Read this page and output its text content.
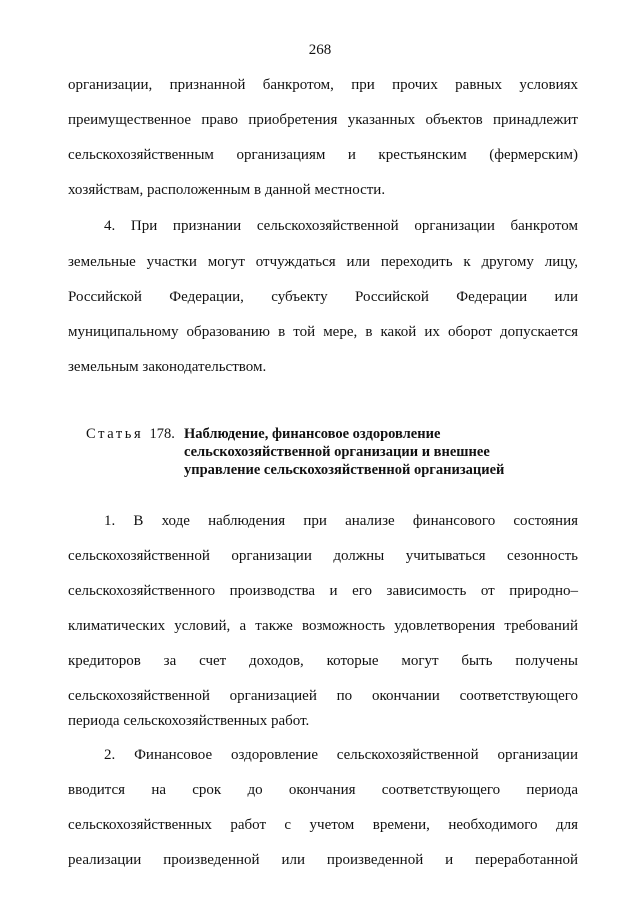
268
организации, признанной банкротом, при прочих равных условиях
преимущественное право приобретения указанных объектов принадлежит
сельскохозяйственным организациям и крестьянским (фермерским)
хозяйствам, расположенным в данной местности.
4. При признании сельскохозяйственной организации банкротом
земельные участки могут отчуждаться или переходить к другому лицу,
Российской Федерации, субъекту Российской Федерации или
муниципальному образованию в той мере, в какой их оборот допускается
земельным законодательством.
Статья 178. Наблюдение, финансовое оздоровление
сельскохозяйственной организации и внешнее
управление сельскохозяйственной организацией
1. В ходе наблюдения при анализе финансового состояния
сельскохозяйственной организации должны учитываться сезонность
сельскохозяйственного производства и его зависимость от природно–
климатических условий, а также возможность удовлетворения требований
кредиторов за счет доходов, которые могут быть получены
сельскохозяйственной организацией по окончании соответствующего
периода сельскохозяйственных работ.
2. Финансовое оздоровление сельскохозяйственной организации
вводится на срок до окончания соответствующего периода
сельскохозяйственных работ с учетом времени, необходимого для
реализации произведенной или произведенной и переработанной
